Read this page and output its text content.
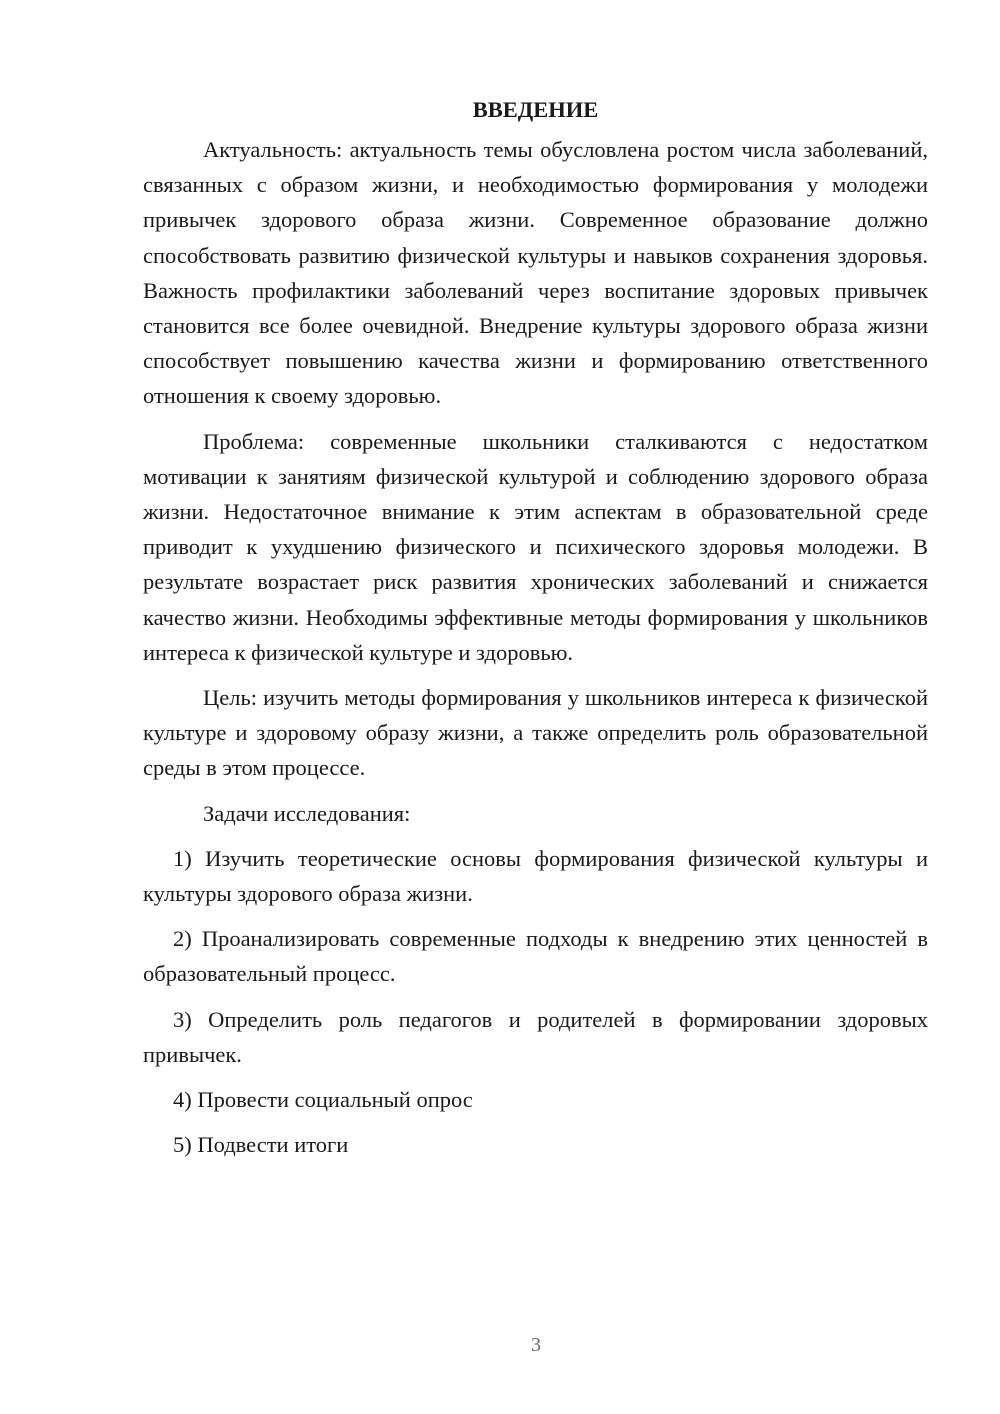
ВВЕДЕНИЕ

Актуальность: актуальность темы обусловлена ростом числа заболеваний, связанных с образом жизни, и необходимостью формирования у молодежи привычек здорового образа жизни. Современное образование должно способствовать развитию физической культуры и навыков сохранения здоровья. Важность профилактики заболеваний через воспитание здоровых привычек становится все более очевидной. Внедрение культуры здорового образа жизни способствует повышению качества жизни и формированию ответственного отношения к своему здоровью.

Проблема: современные школьники сталкиваются с недостатком мотивации к занятиям физической культурой и соблюдению здорового образа жизни. Недостаточное внимание к этим аспектам в образовательной среде приводит к ухудшению физического и психического здоровья молодежи. В результате возрастает риск развития хронических заболеваний и снижается качество жизни. Необходимы эффективные методы формирования у школьников интереса к физической культуре и здоровью.

Цель: изучить методы формирования у школьников интереса к физической культуре и здоровому образу жизни, а также определить роль образовательной среды в этом процессе.

Задачи исследования:

1) Изучить теоретические основы формирования физической культуры и культуры здорового образа жизни.

2) Проанализировать современные подходы к внедрению этих ценностей в образовательный процесс.

3) Определить роль педагогов и родителей в формировании здоровых привычек.

4) Провести социальный опрос

5) Подвести итоги

3
